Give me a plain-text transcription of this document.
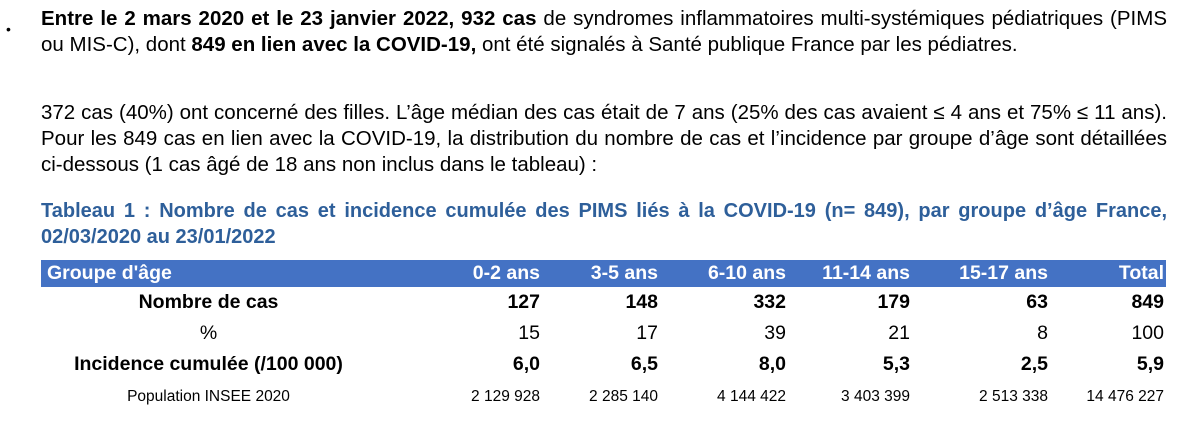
• Entre le 2 mars 2020 et le 23 janvier 2022, 932 cas de syndromes inflammatoires multi-systémiques pédiatriques (PIMS ou MIS-C), dont 849 en lien avec la COVID-19, ont été signalés à Santé publique France par les pédiatres.
372 cas (40%) ont concerné des filles. L’âge médian des cas était de 7 ans (25% des cas avaient ≤ 4 ans et 75% ≤ 11 ans). Pour les 849 cas en lien avec la COVID-19, la distribution du nombre de cas et l’incidence par groupe d’âge sont détaillées ci-dessous (1 cas âgé de 18 ans non inclus dans le tableau) :
Tableau 1 : Nombre de cas et incidence cumulée des PIMS liés à la COVID-19 (n= 849), par groupe d’âge France, 02/03/2020 au 23/01/2022
Groupe d'âge	0-2 ans	3-5 ans	6-10 ans	11-14 ans	15-17 ans	Total
Nombre de cas	127	148	332	179	63	849
%	15	17	39	21	8	100
Incidence cumulée (/100 000)	6,0	6,5	8,0	5,3	2,5	5,9
Population INSEE 2020	2 129 928	2 285 140	4 144 422	3 403 399	2 513 338	14 476 227
